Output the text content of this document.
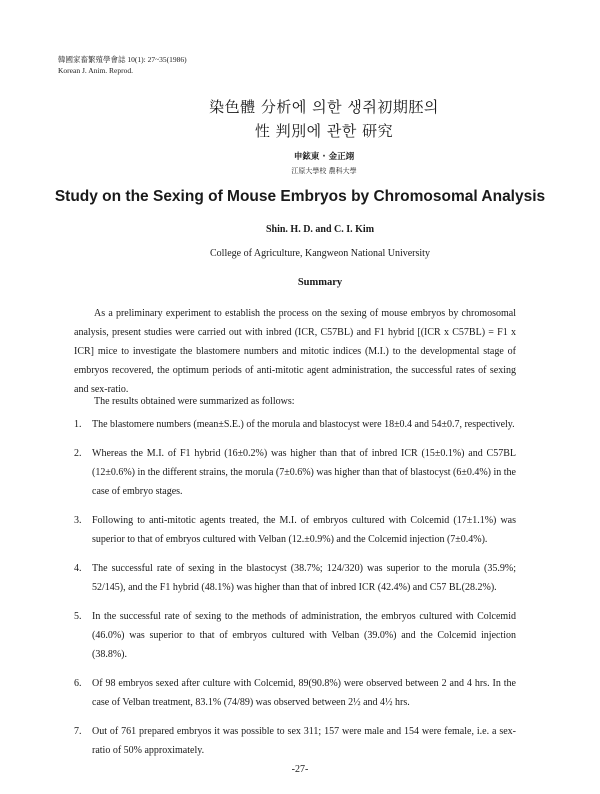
韓國家畜繁殖學會誌 10(1): 27~35(1986)
Korean J. Anim. Reprod.
染色體 分析에 의한 생쥐初期胚의
性 判別에 관한 研究
申鉉東 · 金正翊
江原大學校 農科大學
Study on the Sexing of Mouse Embryos by Chromosomal Analysis
Shin. H. D. and C. I. Kim
College of Agriculture, Kangweon National University
Summary
As a preliminary experiment to establish the process on the sexing of mouse embryos by chromosomal analysis, present studies were carried out with inbred (ICR, C57BL) and F1 hybrid [(ICR x C57BL) = F1 x ICR] mice to investigate the blastomere numbers and mitotic indices (M.I.) to the developmental stage of embryos recovered, the optimum periods of anti-mitotic agent administration, the successful rates of sexing and sex-ratio.
The results obtained were summarized as follows:
1. The blastomere numbers (mean±S.E.) of the morula and blastocyst were 18±0.4 and 54±0.7, respectively.
2. Whereas the M.I. of F1 hybrid (16±0.2%) was higher than that of inbred ICR (15±0.1%) and C57BL (12±0.6%) in the different strains, the morula (7±0.6%) was higher than that of blastocyst (6±0.4%) in the case of embryo stages.
3. Following to anti-mitotic agents treated, the M.I. of embryos cultured with Colcemid (17±1.1%) was superior to that of embryos cultured with Velban (12.±0.9%) and the Colcemid injection (7±0.4%).
4. The successful rate of sexing in the blastocyst (38.7%; 124/320) was superior to the morula (35.9%; 52/145), and the F1 hybrid (48.1%) was higher than that of inbred ICR (42.4%) and C57 BL(28.2%).
5. In the successful rate of sexing to the methods of administration, the embryos cultured with Colcemid (46.0%) was superior to that of embryos cultured with Velban (39.0%) and the Colcemid injection (38.8%).
6. Of 98 embryos sexed after culture with Colcemid, 89(90.8%) were observed between 2 and 4 hrs. In the case of Velban treatment, 83.1% (74/89) was observed between 2½ and 4½ hrs.
7. Out of 761 prepared embryos it was possible to sex 311; 157 were male and 154 were female, i.e. a sex-ratio of 50% approximately.
-27-
